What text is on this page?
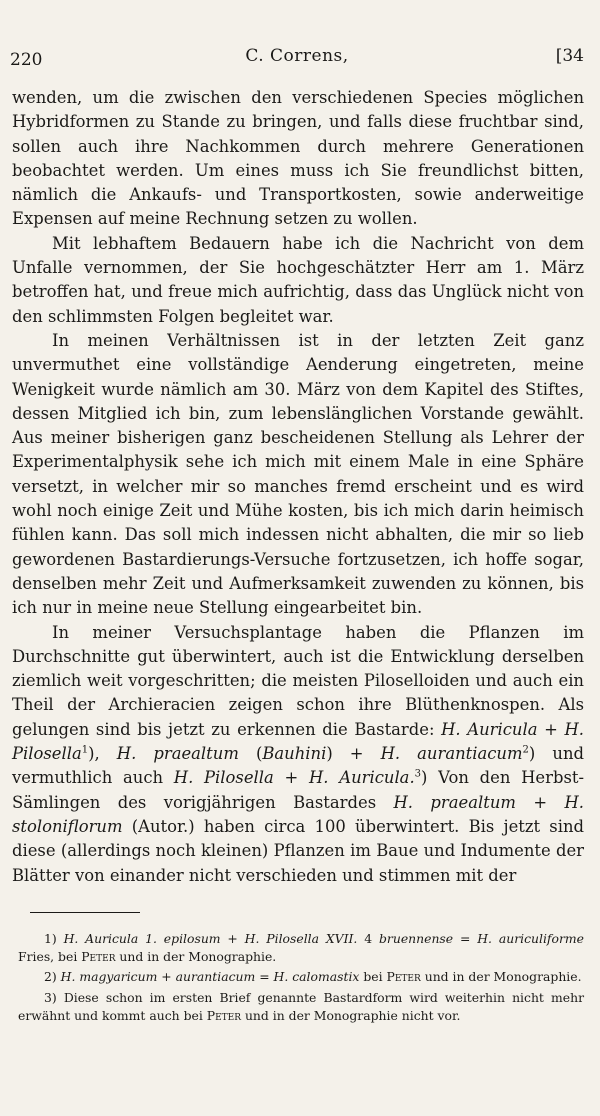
220	C. Correns,	[34

wenden, um die zwischen den verschiedenen Species möglichen Hybridformen zu Stande zu bringen, und falls diese fruchtbar sind, sollen auch ihre Nachkommen durch mehrere Generationen beobachtet werden. Um eines muss ich Sie freundlichst bitten, nämlich die Ankaufs- und Transportkosten, sowie anderweitige Expensen auf meine Rechnung setzen zu wollen.

Mit lebhaftem Bedauern habe ich die Nachricht von dem Unfalle vernommen, der Sie hochgeschätzter Herr am 1. März betroffen hat, und freue mich aufrichtig, dass das Unglück nicht von den schlimmsten Folgen begleitet war.

In meinen Verhältnissen ist in der letzten Zeit ganz unvermuthet eine vollständige Aenderung eingetreten, meine Wenigkeit wurde nämlich am 30. März von dem Kapitel des Stiftes, dessen Mitglied ich bin, zum lebenslänglichen Vorstande gewählt. Aus meiner bisherigen ganz bescheidenen Stellung als Lehrer der Experimentalphysik sehe ich mich mit einem Male in eine Sphäre versetzt, in welcher mir so manches fremd erscheint und es wird wohl noch einige Zeit und Mühe kosten, bis ich mich darin heimisch fühlen kann. Das soll mich indessen nicht abhalten, die mir so lieb gewordenen Bastardierungs-Versuche fortzusetzen, ich hoffe sogar, denselben mehr Zeit und Aufmerksamkeit zuwenden zu können, bis ich nur in meine neue Stellung eingearbeitet bin.

In meiner Versuchsplantage haben die Pflanzen im Durchschnitte gut überwintert, auch ist die Entwicklung derselben ziemlich weit vorgeschritten; die meisten Piloselloiden und auch ein Theil der Archieracien zeigen schon ihre Blüthenknospen. Als gelungen sind bis jetzt zu erkennen die Bastarde: H. Auricula + H. Pilosella$^1$), H. praealtum (Bauhini) + H. aurantiacum$^2$) und vermuthlich auch H. Pilosella + H. Auricula.$^3$) Von den Herbst-Sämlingen des vorigjährigen Bastardes H. praealtum + H. stoloniflorum (Autor.) haben circa 100 überwintert. Bis jetzt sind diese (allerdings noch kleinen) Pflanzen im Baue und Indumente der Blätter von einander nicht verschieden und stimmen mit der

1) H. Auricula 1. epilosum + H. Pilosella XVII. 4 bruennense = H. auriculiforme Fries, bei Peter und in der Monographie.

2) H. magyaricum + aurantiacum = H. calomastix bei Peter und in der Monographie.

3) Diese schon im ersten Brief genannte Bastardform wird weiterhin nicht mehr erwähnt und kommt auch bei Peter und in der Monographie nicht vor.
